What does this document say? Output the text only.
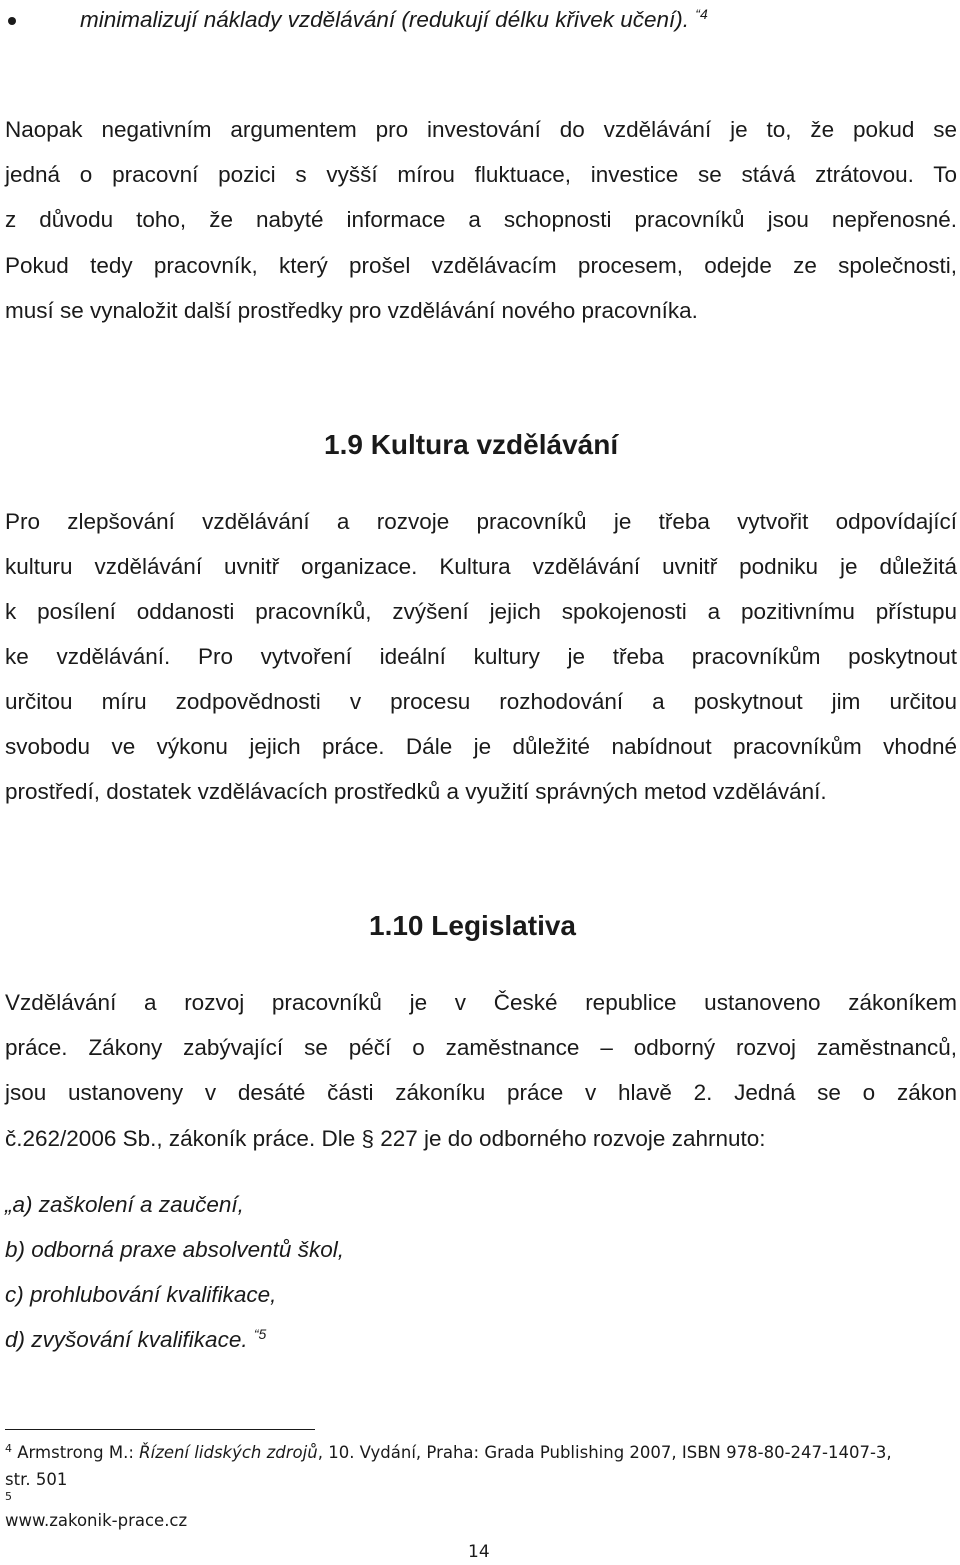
minimalizují náklady vzdělávání (redukují délku křivek učení). $^{“4}$
Naopak negativním argumentem pro investování do vzdělávání je to, že pokud se
jedná o pracovní pozici s vyšší mírou fluktuace, investice se stává ztrátovou. To
z důvodu toho, že nabyté informace a schopnosti pracovníků jsou nepřenosné.
Pokud tedy pracovník, který prošel vzdělávacím procesem, odejde ze společnosti,
musí se vynaložit další prostředky pro vzdělávání nového pracovníka.
1.9 Kultura vzdělávání
Pro zlepšování vzdělávání a rozvoje pracovníků je třeba vytvořit odpovídající
kulturu vzdělávání uvnitř organizace. Kultura vzdělávání uvnitř podniku je důležitá
k posílení oddanosti pracovníků, zvýšení jejich spokojenosti a pozitivnímu přístupu
ke vzdělávání. Pro vytvoření ideální kultury je třeba pracovníkům poskytnout
určitou míru zodpovědnosti v procesu rozhodování a poskytnout jim určitou
svobodu ve výkonu jejich práce. Dále je důležité nabídnout pracovníkům vhodné
prostředí, dostatek vzdělávacích prostředků a využití správných metod vzdělávání.
1.10 Legislativa
Vzdělávání a rozvoj pracovníků je v České republice ustanoveno zákoníkem
práce. Zákony zabývající se péčí o zaměstnance – odborný rozvoj zaměstnanců,
jsou ustanoveny v desáté části zákoníku práce v hlavě 2. Jedná se o zákon
č.262/2006 Sb., zákoník práce. Dle § 227 je do odborného rozvoje zahrnuto:
„a) zaškolení a zaučení,
b) odborná praxe absolventů škol,
c) prohlubování kvalifikace,
d) zvyšování kvalifikace. $^{“5}$
$^4$ Armstrong M.: Řízení lidských zdrojů, 10. Vydání, Praha: Grada Publishing 2007, ISBN 978-80-247-1407-3,
str. 501
$^5$
www.zakonik-prace.cz
14
